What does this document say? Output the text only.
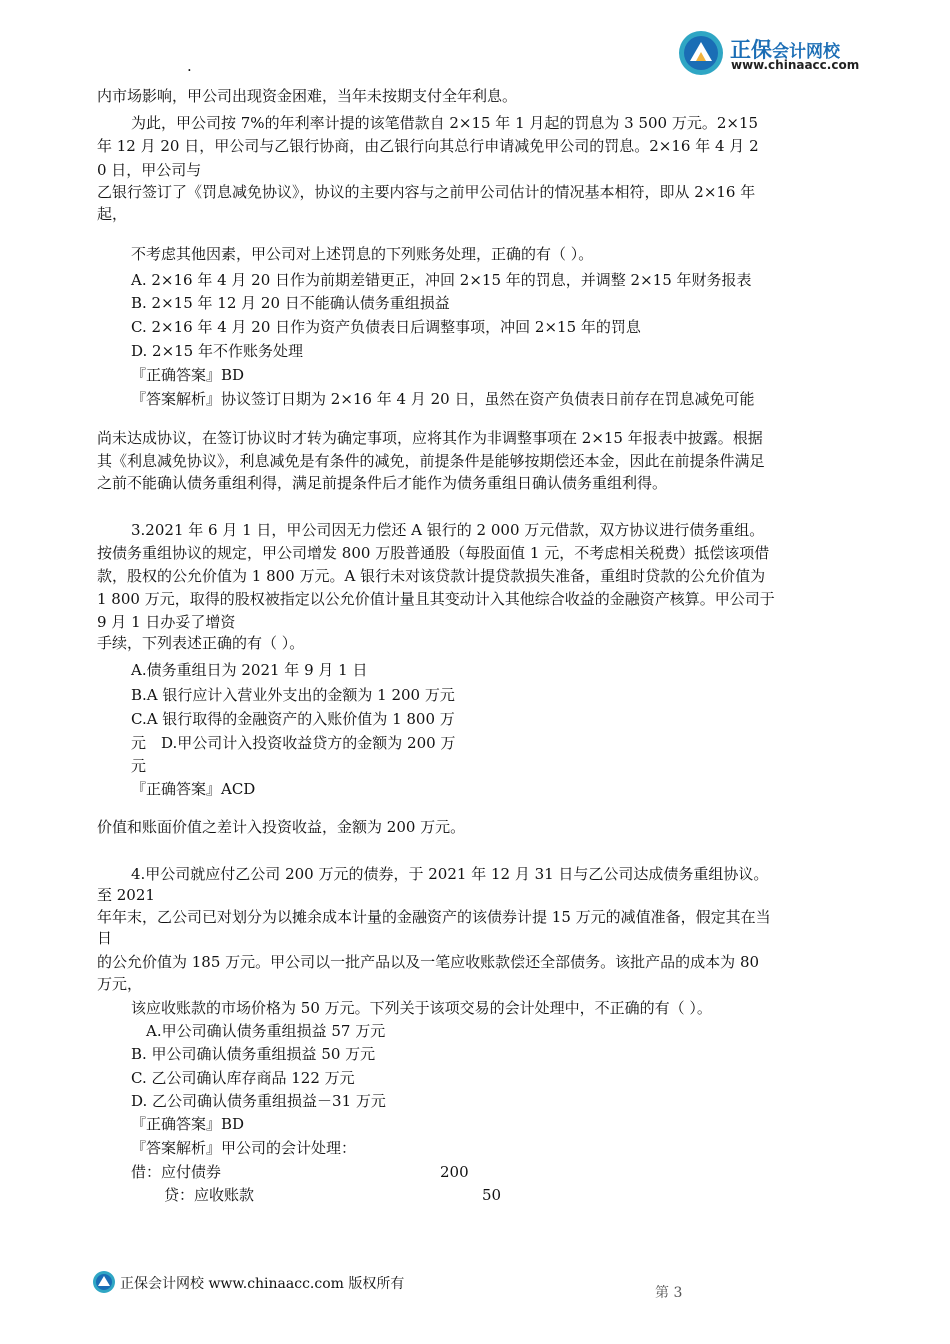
正保会计网校
www.chinaacc.com
      .
内市场影响，甲公司出现资金困难，当年未按期支付全年利息。
为此，甲公司按 7%的年利率计提的该笔借款自 2×15 年 1 月起的罚息为 3 500 万元。2×15
年 12 月 20 日，甲公司与乙银行协商，由乙银行向其总行申请减免甲公司的罚息。2×16 年 4 月 2
0 日，甲公司与
乙银行签订了《罚息减免协议》，协议的主要内容与之前甲公司估计的情况基本相符，即从 2×16 年
起，
不考虑其他因素，甲公司对上述罚息的下列账务处理，正确的有（ ）。
A. 2×16 年 4 月 20 日作为前期差错更正，冲回 2×15 年的罚息，并调整 2×15 年财务报表
B. 2×15 年 12 月 20 日不能确认债务重组损益
C. 2×16 年 4 月 20 日作为资产负债表日后调整事项，冲回 2×15 年的罚息
D. 2×15 年不作账务处理
『正确答案』BD
『答案解析』协议签订日期为 2×16 年 4 月 20 日，虽然在资产负债表日前存在罚息减免可能
尚未达成协议，在签订协议时才转为确定事项，应将其作为非调整事项在 2×15 年报表中披露。根据
其《利息减免协议》，利息减免是有条件的减免，前提条件是能够按期偿还本金，因此在前提条件满足
之前不能确认债务重组利得，满足前提条件后才能作为债务重组日确认债务重组利得。
3.2021 年 6 月 1 日，甲公司因无力偿还 A 银行的 2 000 万元借款，双方协议进行债务重组。
按债务重组协议的规定，甲公司增发 800 万股普通股（每股面值 1 元，不考虑相关税费）抵偿该项借
款，股权的公允价值为 1 800 万元。A 银行未对该贷款计提贷款损失准备，重组时贷款的公允价值为
1 800 万元，取得的股权被指定以公允价值计量且其变动计入其他综合收益的金融资产核算。甲公司于
9 月 1 日办妥了增资
手续，下列表述正确的有（ ）。
A.债务重组日为 2021 年 9 月 1 日
B.A 银行应计入营业外支出的金额为 1 200 万元
C.A 银行取得的金融资产的入账价值为 1 800 万
元 D.甲公司计入投资收益贷方的金额为 200 万
元
『正确答案』ACD
价值和账面价值之差计入投资收益，金额为 200 万元。
4.甲公司就应付乙公司 200 万元的债券，于 2021 年 12 月 31 日与乙公司达成债务重组协议。
至 2021
年年末，乙公司已对划分为以摊余成本计量的金融资产的该债券计提 15 万元的减值准备，假定其在当
日
的公允价值为 185 万元。甲公司以一批产品以及一笔应收账款偿还全部债务。该批产品的成本为 80
万元，
该应收账款的市场价格为 50 万元。下列关于该项交易的会计处理中，不正确的有（ ）。
A.甲公司确认债务重组损益 57 万元
B. 甲公司确认债务重组损益 50 万元
C. 乙公司确认库存商品 122 万元
D. 乙公司确认债务重组损益－31 万元
『正确答案』BD
『答案解析』甲公司的会计处理：
借：应付债券	200
贷：应收账款	50
正保会计网校 www.chinaacc.com 版权所有
第 3
